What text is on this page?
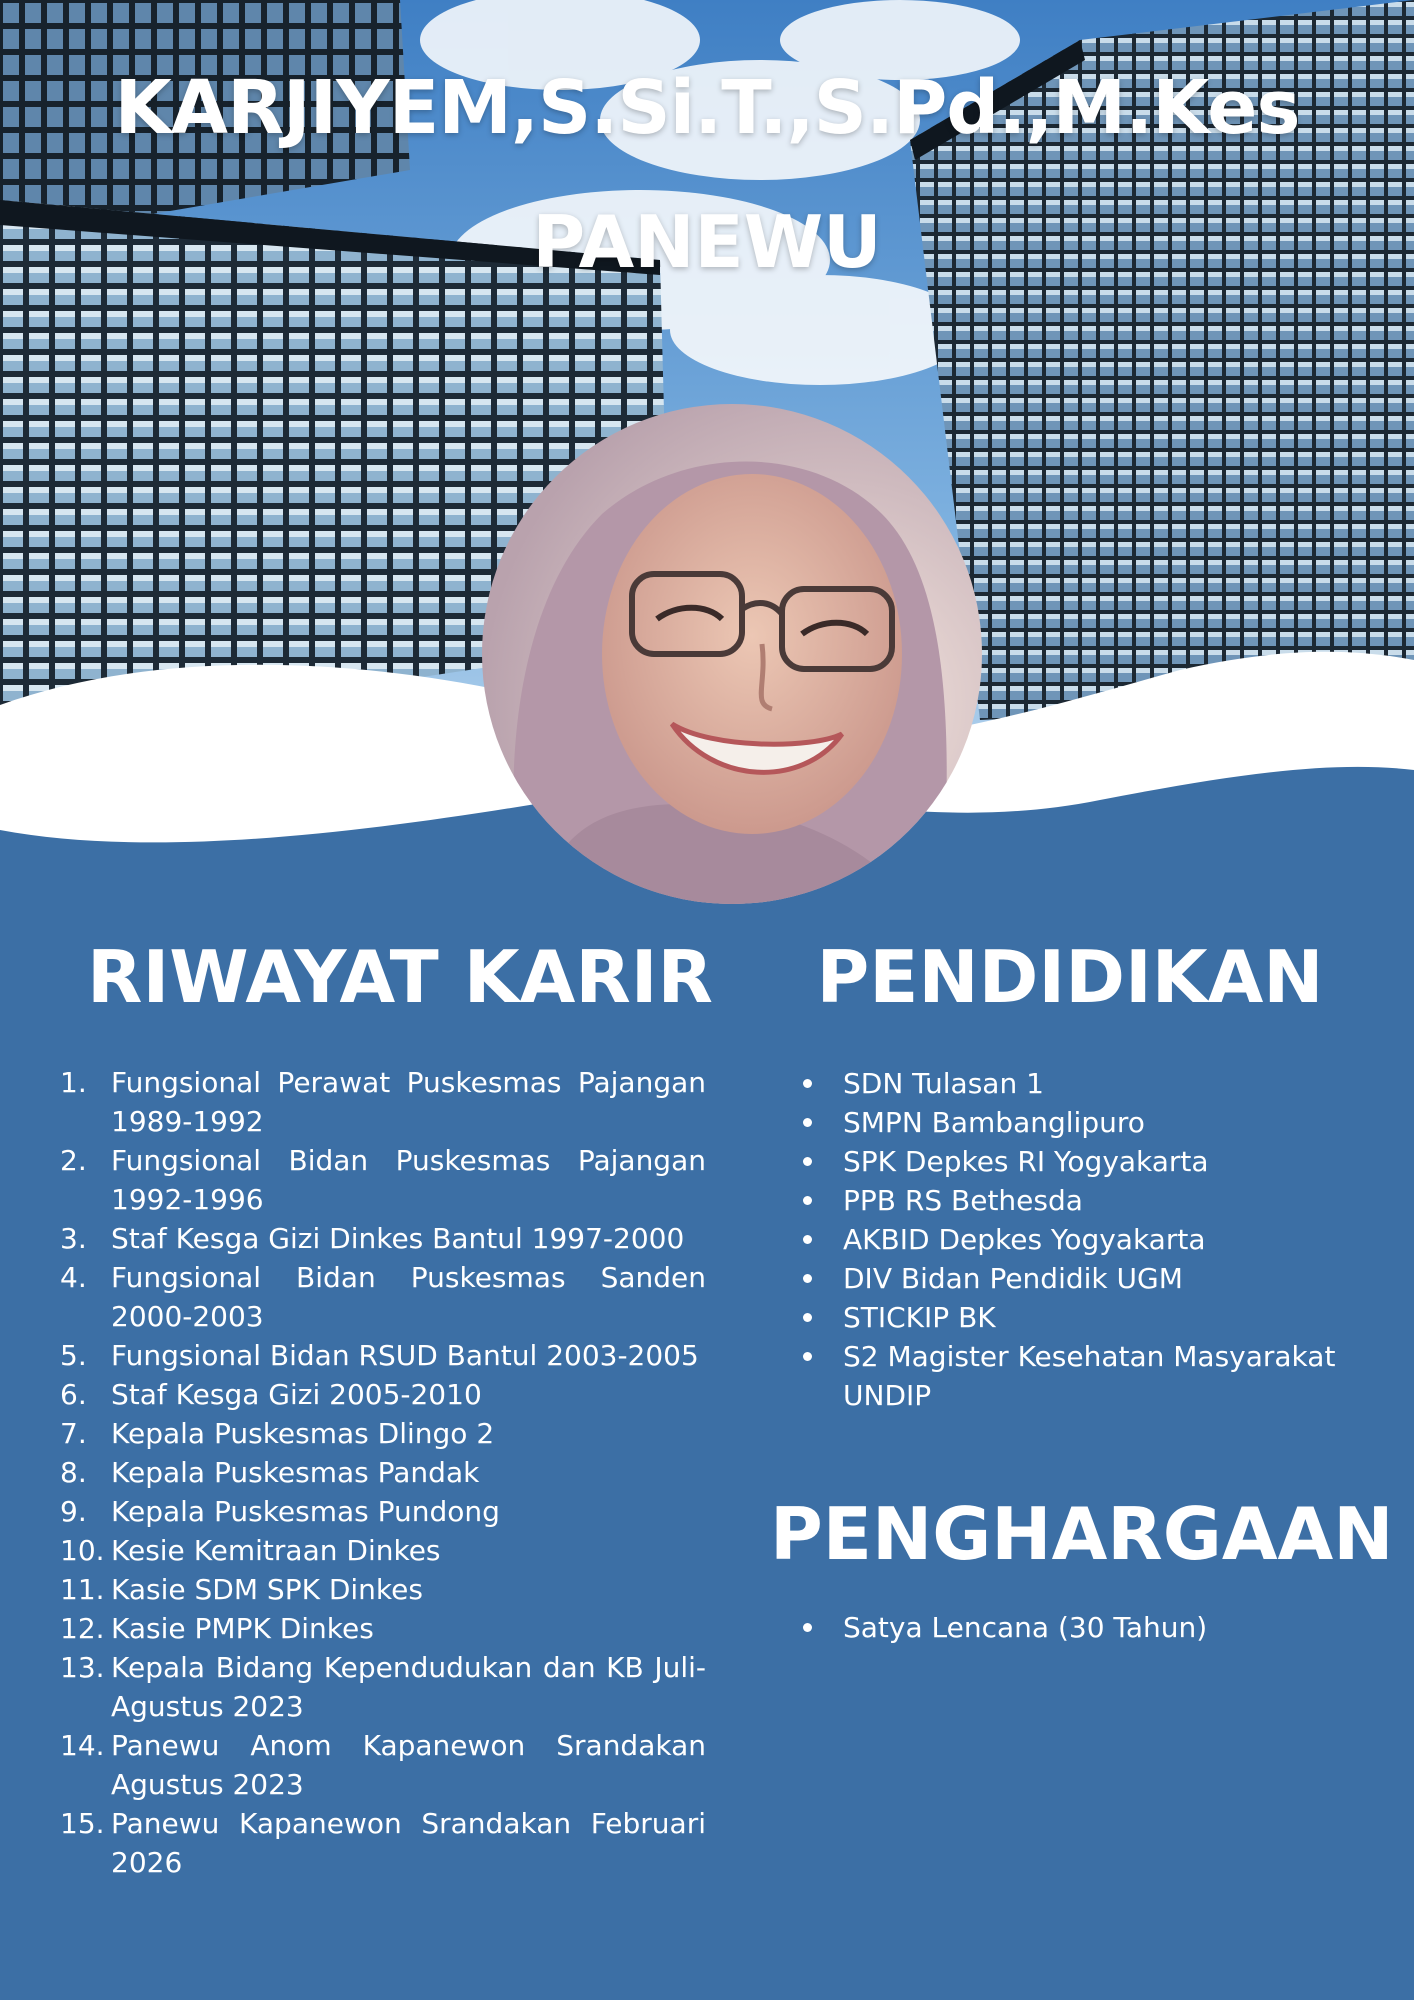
KARJIYEM,S.Si.T.,S.Pd.,M.Kes
PANEWU
RIWAYAT KARIR
1. Fungsional Perawat Puskesmas Pajangan 1989-1992
2. Fungsional Bidan Puskesmas Pajangan 1992-1996
3. Staf Kesga Gizi Dinkes Bantul 1997-2000
4. Fungsional Bidan Puskesmas Sanden 2000-2003
5. Fungsional Bidan RSUD Bantul 2003-2005
6. Staf Kesga Gizi 2005-2010
7. Kepala Puskesmas Dlingo 2
8. Kepala Puskesmas Pandak
9. Kepala Puskesmas Pundong
10. Kesie Kemitraan Dinkes
11. Kasie SDM SPK Dinkes
12. Kasie PMPK Dinkes
13. Kepala Bidang Kependudukan dan KB Juli-Agustus 2023
14. Panewu Anom Kapanewon Srandakan Agustus 2023
15. Panewu Kapanewon Srandakan Februari 2026
PENDIDIKAN
SDN Tulasan 1
SMPN Bambanglipuro
SPK Depkes RI Yogyakarta
PPB RS Bethesda
AKBID Depkes Yogyakarta
DIV Bidan Pendidik UGM
STICKIP BK
S2 Magister Kesehatan Masyarakat UNDIP
PENGHARGAAN
Satya Lencana (30 Tahun)
